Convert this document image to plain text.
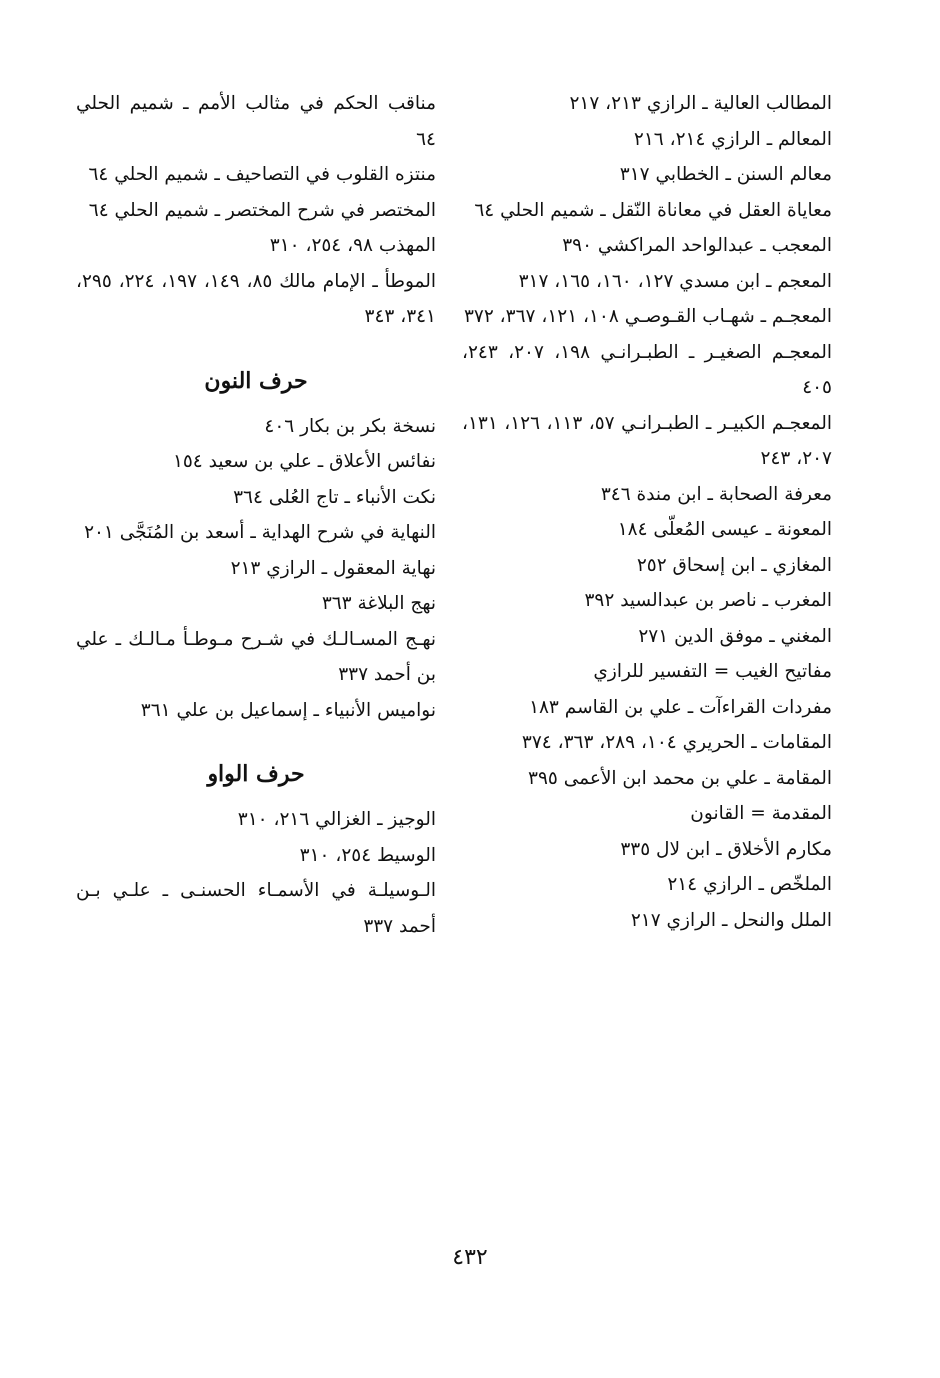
المطالب العالية ـ الرازي ٢١٣، ٢١٧
المعالم ـ الرازي ٢١٤، ٢١٦
معالم السنن ـ الخطابي ٣١٧
معاياة العقل في معاناة النّقل ـ شميم الحلي ٦٤
المعجب ـ عبدالواحد المراكشي ٣٩٠
المعجم ـ ابن مسدي ١٢٧، ١٦٠، ١٦٥، ٣١٧
المعجـم ـ شهـاب القـوصـي ١٠٨، ١٢١، ٣٦٧، ٣٧٢
المعجـم الصغيـر ـ الطبـرانـي ١٩٨، ٢٠٧، ٢٤٣، ٤٠٥
المعجـم الكبيـر ـ الطبـرانـي ٥٧، ١١٣، ١٢٦، ١٣١، ٢٠٧، ٢٤٣
معرفة الصحابة ـ ابن مندة ٣٤٦
المعونة ـ عيسى المُعلّى ١٨٤
المغازي ـ ابن إسحاق ٢٥٢
المغرب ـ ناصر بن عبدالسيد ٣٩٢
المغني ـ موفق الدين ٢٧١
مفاتيح الغيب = التفسير للرازي
مفردات القراءآت ـ علي بن القاسم ١٨٣
المقامات ـ الحريري ١٠٤، ٢٨٩، ٣٦٣، ٣٧٤
المقامة ـ علي بن محمد ابن الأعمى ٣٩٥
المقدمة = القانون
مكارم الأخلاق ـ ابن لال ٣٣٥
الملخّص ـ الرازي ٢١٤
الملل والنحل ـ الرازي ٢١٧
مناقب الحكم في مثالب الأمم ـ شميم الحلي ٦٤
منتزه القلوب في التصاحيف ـ شميم الحلي ٦٤
المختصر في شرح المختصر ـ شميم الحلي ٦٤
المهذب ٩٨، ٢٥٤، ٣١٠
الموطأ ـ الإمام مالك ٨٥، ١٤٩، ١٩٧، ٢٢٤، ٢٩٥، ٣٤١، ٣٤٣
حرف النون
نسخة بكر بن بكار ٤٠٦
نفائس الأعلاق ـ علي بن سعيد ١٥٤
نكت الأنباء ـ تاج العُلى ٣٦٤
النهاية في شرح الهداية ـ أسعد بن المُنَجَّى ٢٠١
نهاية المعقول ـ الرازي ٢١٣
نهج البلاغة ٣٦٣
نهـج المسـالـك في شـرح مـوطـأ مـالـك ـ علي بن أحمد ٣٣٧
نواميس الأنبياء ـ إسماعيل بن علي ٣٦١
حرف الواو
الوجيز ـ الغزالي ٢١٦، ٣١٠
الوسيط ٢٥٤، ٣١٠
الـوسيلـة في الأسمـاء الحسنـى ـ علـي بـن أحمد ٣٣٧
٤٣٢
